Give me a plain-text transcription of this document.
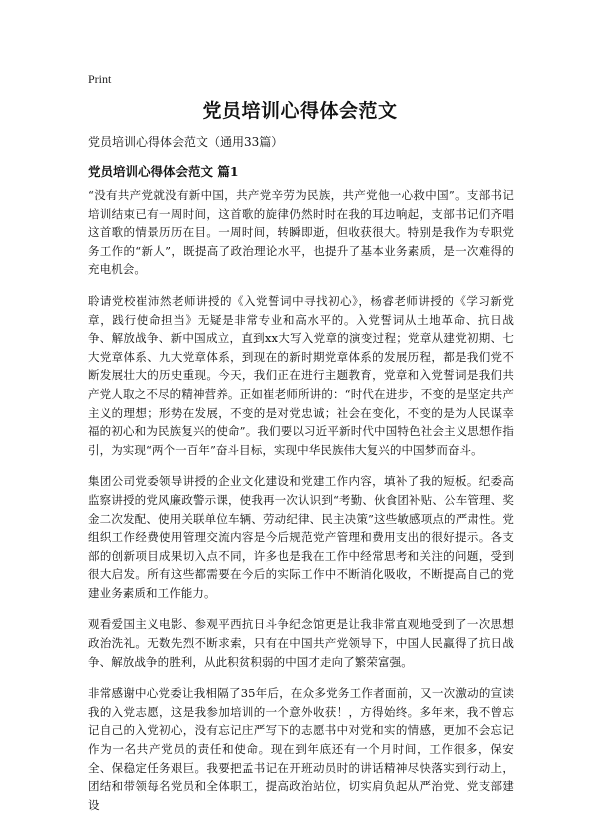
Print
党员培训心得体会范文
党员培训心得体会范文（通用33篇）
党员培训心得体会范文 篇1

“没有共产党就没有新中国，共产党辛劳为民族，共产党他一心救中国”。支部书记培训结束已有一周时间，这首歌的旋律仍然时时在我的耳边响起，支部书记们齐唱这首歌的情景历历在目。一周时间，转瞬即逝，但收获很大。特别是我作为专职党务工作的“新人”，既提高了政治理论水平，也提升了基本业务素质，是一次难得的充电机会。

聆请党校崔沛然老师讲授的《入党誓词中寻找初心》，杨睿老师讲授的《学习新党章，践行使命担当》无疑是非常专业和高水平的。入党誓词从土地革命、抗日战争、解放战争、新中国成立，直到xx大写入党章的演变过程；党章从建党初期、七大党章体系、九大党章体系，到现在的新时期党章体系的发展历程，都是我们党不断发展壮大的历史重现。今天，我们正在进行主题教育，党章和入党誓词是我们共产党人取之不尽的精神营养。正如崔老师所讲的：“时代在进步，不变的是坚定共产主义的理想；形势在发展，不变的是对党忠诚；社会在变化，不变的是为人民谋幸福的初心和为民族复兴的使命”。我们要以习近平新时代中国特色社会主义思想作指引，为实现“两个一百年”奋斗目标，实现中华民族伟大复兴的中国梦而奋斗。

集团公司党委领导讲授的企业文化建设和党建工作内容，填补了我的短板。纪委高监察讲授的党风廉政警示课，使我再一次认识到“考勤、伙食团补贴、公车管理、奖金二次发配、使用关联单位车辆、劳动纪律、民主决策”这些敏感项点的严肃性。党组织工作经费使用管理交流内容是今后规范党产管理和费用支出的很好提示。各支部的创新项目成果切入点不同，许多也是我在工作中经常思考和关注的问题，受到很大启发。所有这些都需要在今后的实际工作中不断消化吸收，不断提高自己的党建业务素质和工作能力。

观看爱国主义电影、参观平西抗日斗争纪念馆更是让我非常直观地受到了一次思想政治洗礼。无数先烈不断求索，只有在中国共产党领导下，中国人民赢得了抗日战争、解放战争的胜利，从此积贫积弱的中国才走向了繁荣富强。

非常感谢中心党委让我相隔了35年后，在众多党务工作者面前，又一次激动的宣读我的入党志愿，这是我参加培训的一个意外收获！，方得始终。多年来，我不曾忘记自己的入党初心，没有忘记庄严写下的志愿书中对党和实的情感，更加不会忘记作为一名共产党员的责任和使命。现在到年底还有一个月时间，工作很多，保安全、保稳定任务艰巨。我要把孟书记在开班动员时的讲话精神尽快落实到行动上，团结和带领每名党员和全体职工，提高政治站位，切实肩负起从严治党、党支部建设
